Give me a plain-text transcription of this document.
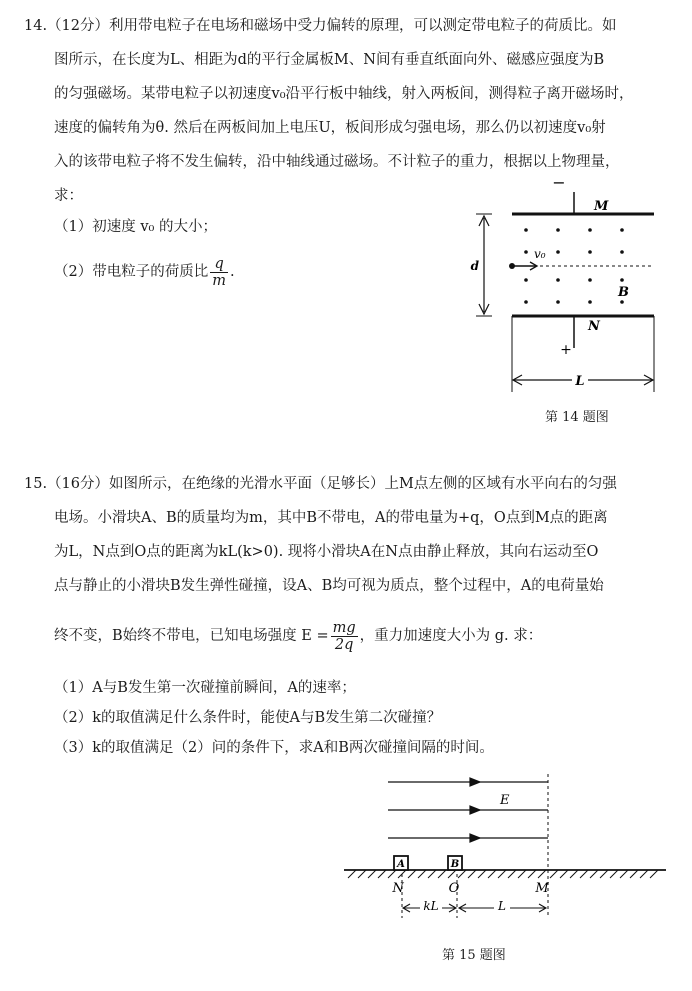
14.（12分）利用带电粒子在电场和磁场中受力偏转的原理，可以测定带电粒子的荷质比。如
图所示，在长度为L、相距为d的平行金属板M、N间有垂直纸面向外、磁感应强度为B
的匀强磁场。某带电粒子以初速度v₀沿平行板中轴线，射入两板间，测得粒子离开磁场时，
速度的偏转角为θ. 然后在两板间加上电压U，板间形成匀强电场，那么仍以初速度v₀射
入的该带电粒子将不发生偏转，沿中轴线通过磁场。不计粒子的重力，根据以上物理量，
求：
（1）初速度 v₀ 的大小；
（2）带电粒子的荷质比 $\frac{q}{m}$ .
−
M
N
+
d
v₀
B
L
第 14 题图
15.（16分）如图所示，在绝缘的光滑水平面（足够长）上M点左侧的区域有水平向右的匀强
电场。小滑块A、B的质量均为m，其中B不带电，A的带电量为+q，O点到M点的距离
为L，N点到O点的距离为kL(k>0). 现将小滑块A在N点由静止释放，其向右运动至O
点与静止的小滑块B发生弹性碰撞，设A、B均可视为质点，整个过程中，A的电荷量始
终不变，B始终不带电，已知电场强度 $E = \frac{mg}{2q}$ ，重力加速度大小为 g. 求：
（1）A与B发生第一次碰撞前瞬间，A的速率；
（2）k的取值满足什么条件时，能使A与B发生第二次碰撞？
（3）k的取值满足（2）问的条件下，求A和B两次碰撞间隔的时间。
E
A	B
N	O	M
kL	L
第 15 题图
